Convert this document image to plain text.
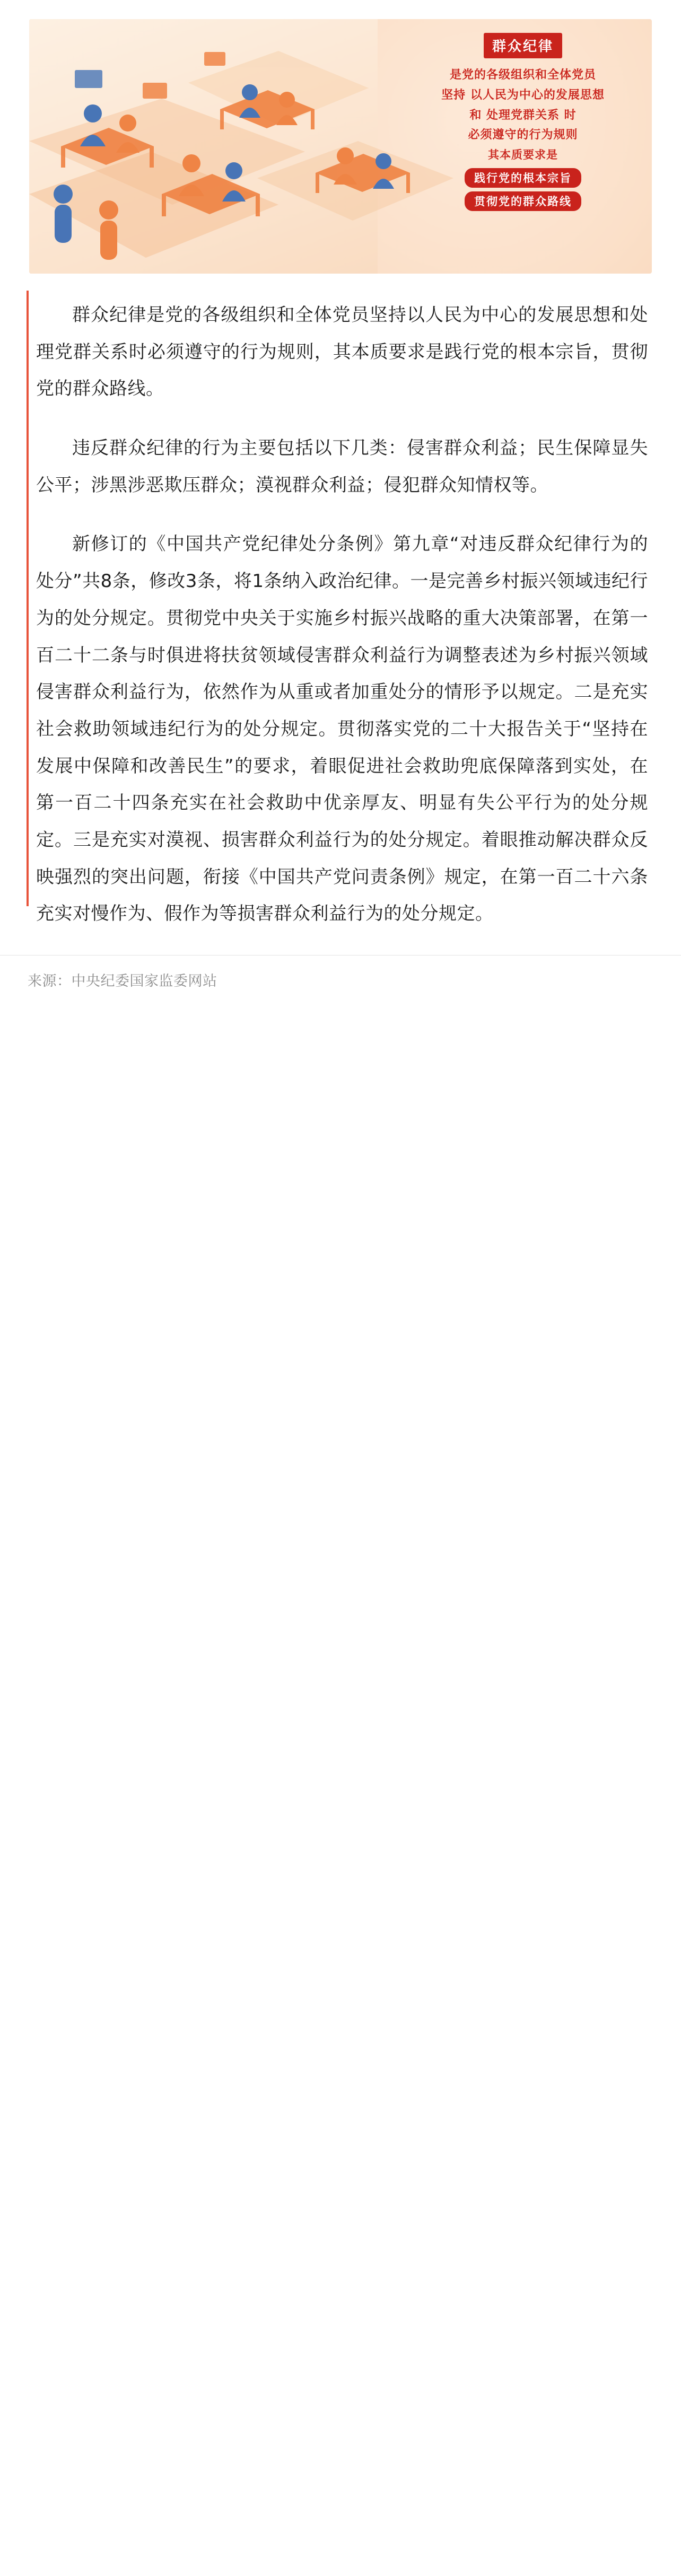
群众纪律
是党的各级组织和全体党员
坚持 以人民为中心的发展思想
和 处理党群关系 时
必须遵守的行为规则
其本质要求是
践行党的根本宗旨
贯彻党的群众路线

群众纪律是党的各级组织和全体党员坚持以人民为中心的发展思想和处理党群关系时必须遵守的行为规则，其本质要求是践行党的根本宗旨，贯彻党的群众路线。

违反群众纪律的行为主要包括以下几类：侵害群众利益；民生保障显失公平；涉黑涉恶欺压群众；漠视群众利益；侵犯群众知情权等。

新修订的《中国共产党纪律处分条例》第九章“对违反群众纪律行为的处分”共8条，修改3条，将1条纳入政治纪律。一是完善乡村振兴领域违纪行为的处分规定。贯彻党中央关于实施乡村振兴战略的重大决策部署，在第一百二十二条与时俱进将扶贫领域侵害群众利益行为调整表述为乡村振兴领域侵害群众利益行为，依然作为从重或者加重处分的情形予以规定。二是充实社会救助领域违纪行为的处分规定。贯彻落实党的二十大报告关于“坚持在发展中保障和改善民生”的要求，着眼促进社会救助兜底保障落到实处，在第一百二十四条充实在社会救助中优亲厚友、明显有失公平行为的处分规定。三是充实对漠视、损害群众利益行为的处分规定。着眼推动解决群众反映强烈的突出问题，衔接《中国共产党问责条例》规定，在第一百二十六条充实对慢作为、假作为等损害群众利益行为的处分规定。

来源：中央纪委国家监委网站
